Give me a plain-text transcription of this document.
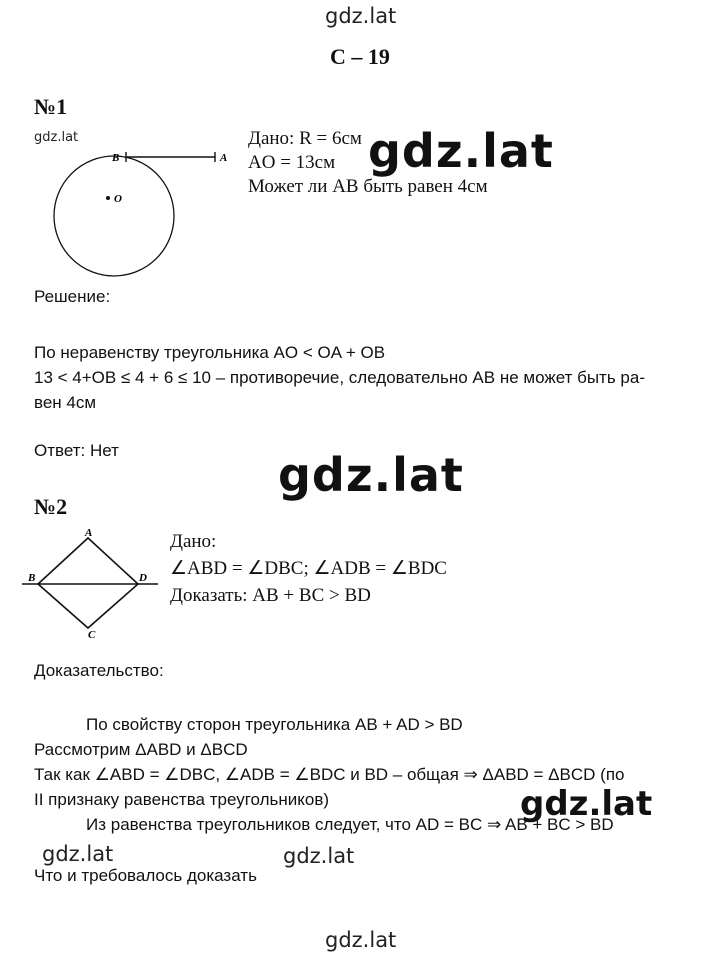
gdz.lat
С – 19
№1
gdz.lat
B	A
O
Дано: R = 6см
AO = 13см
Может ли AB быть равен 4см
gdz.lat
Решение:
По неравенству треугольника AO < OA + OB
13 < 4+OB ≤ 4 + 6 ≤ 10 – противоречие, следовательно AB не может быть ра-
вен 4см
Ответ: Нет	gdz.lat
№2
A
B	D
C
Дано:
∠ABD = ∠DBC; ∠ADB = ∠BDC
Доказать: AB + BC > BD
Доказательство:
По свойству сторон треугольника AB + AD > BD
Рассмотрим ΔABD и ΔBCD
Так как ∠ABD = ∠DBC, ∠ADB = ∠BDC и BD – общая ⇒ ΔABD = ΔBCD (по
II признаку равенства треугольников)
Из равенства треугольников следует, что AD = BC ⇒ AB + BC > BD
gdz.lat
gdz.lat	gdz.lat
Что и требовалось доказать
gdz.lat
